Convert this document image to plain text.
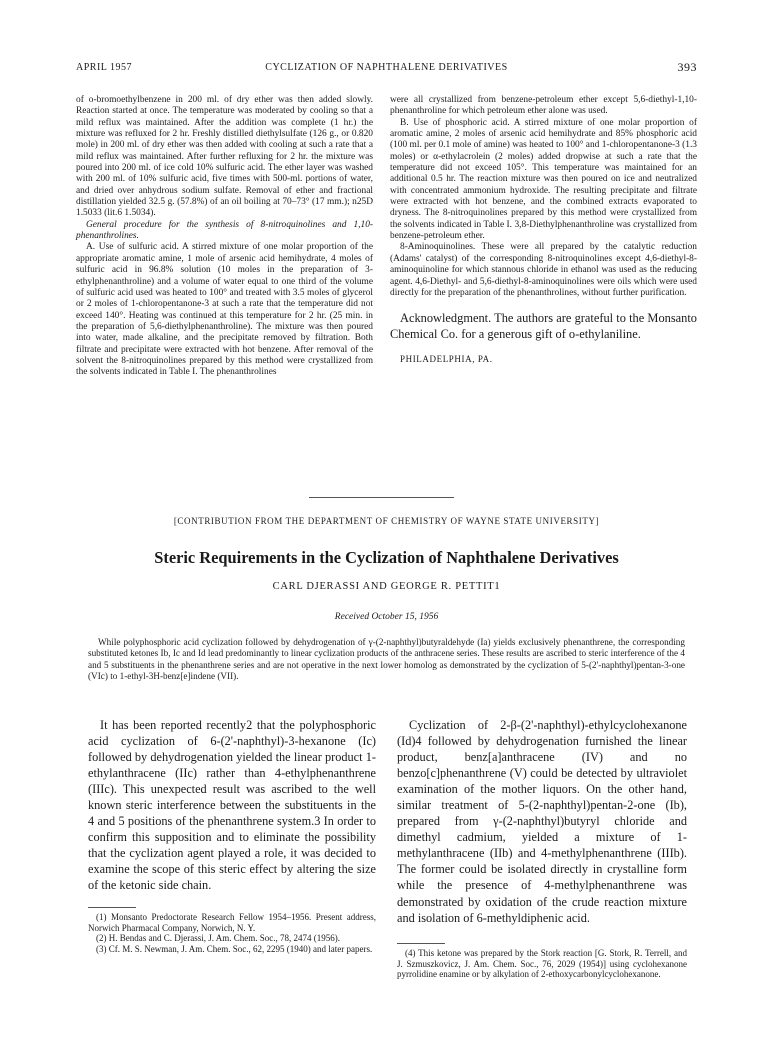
APRIL 1957	CYCLIZATION OF NAPHTHALENE DERIVATIVES	393

of o-bromoethylbenzene in 200 ml. of dry ether was then added slowly. Reaction started at once. The temperature was moderated by cooling so that a mild reflux was maintained. After the addition was complete (1 hr.) the mixture was refluxed for 2 hr. Freshly distilled diethylsulfate (126 g., or 0.820 mole) in 200 ml. of dry ether was then added with cooling at such a rate that a mild reflux was maintained. After further refluxing for 2 hr. the mixture was poured into 200 ml. of ice cold 10% sulfuric acid. The ether layer was washed with 200 ml. of 10% sulfuric acid, five times with 500-ml. portions of water, and dried over anhydrous sodium sulfate. Removal of ether and fractional distillation yielded 32.5 g. (57.8%) of an oil boiling at 70–73° (17 mm.); n25D 1.5033 (lit.6 1.5034).

General procedure for the synthesis of 8-nitroquinolines and 1,10-phenanthrolines.

A. Use of sulfuric acid. A stirred mixture of one molar proportion of the appropriate aromatic amine, 1 mole of arsenic acid hemihydrate, 4 moles of sulfuric acid in 96.8% solution (10 moles in the preparation of 3-ethylphenanthroline) and a volume of water equal to one third of the volume of sulfuric acid used was heated to 100° and treated with 3.5 moles of glycerol or 2 moles of 1-chloropentanone-3 at such a rate that the temperature did not exceed 140°. Heating was continued at this temperature for 2 hr. (25 min. in the preparation of 5,6-diethylphenanthroline). The mixture was then poured into water, made alkaline, and the precipitate removed by filtration. Both filtrate and precipitate were extracted with hot benzene. After removal of the solvent the 8-nitroquinolines prepared by this method were crystallized from the solvents indicated in Table I. The phenanthrolines

were all crystallized from benzene-petroleum ether except 5,6-diethyl-1,10-phenanthroline for which petroleum ether alone was used.

B. Use of phosphoric acid. A stirred mixture of one molar proportion of aromatic amine, 2 moles of arsenic acid hemihydrate and 85% phosphoric acid (100 ml. per 0.1 mole of amine) was heated to 100° and 1-chloropentanone-3 (1.3 moles) or α-ethylacrolein (2 moles) added dropwise at such a rate that the temperature did not exceed 105°. This temperature was maintained for an additional 0.5 hr. The reaction mixture was then poured on ice and neutralized with concentrated ammonium hydroxide. The resulting precipitate and filtrate were extracted with hot benzene, and the combined extracts evaporated to dryness. The 8-nitroquinolines prepared by this method were crystallized from the solvents indicated in Table I. 3,8-Diethylphenanthroline was crystallized from benzene-petroleum ether.

8-Aminoquinolines. These were all prepared by the catalytic reduction (Adams' catalyst) of the corresponding 8-nitroquinolines except 4,6-diethyl-8-aminoquinoline for which stannous chloride in ethanol was used as the reducing agent. 4,6-Diethyl- and 5,6-diethyl-8-aminoquinolines were oils which were used directly for the preparation of the phenanthrolines, without further purification.

Acknowledgment. The authors are grateful to the Monsanto Chemical Co. for a generous gift of o-ethylaniline.

PHILADELPHIA, PA.

[CONTRIBUTION FROM THE DEPARTMENT OF CHEMISTRY OF WAYNE STATE UNIVERSITY]
Steric Requirements in the Cyclization of Naphthalene Derivatives
CARL DJERASSI AND GEORGE R. PETTIT1
Received October 15, 1956

While polyphosphoric acid cyclization followed by dehydrogenation of γ-(2-naphthyl)butyraldehyde (Ia) yields exclusively phenanthrene, the corresponding substituted ketones Ib, Ic and Id lead predominantly to linear cyclization products of the anthracene series. These results are ascribed to steric interference of the 4 and 5 substituents in the phenanthrene series and are not operative in the next lower homolog as demonstrated by the cyclization of 5-(2'-naphthyl)pentan-3-one (VIc) to 1-ethyl-3H-benz[e]indene (VII).

It has been reported recently2 that the polyphosphoric acid cyclization of 6-(2'-naphthyl)-3-hexanone (Ic) followed by dehydrogenation yielded the linear product 1-ethylanthracene (IIc) rather than 4-ethylphenanthrene (IIIc). This unexpected result was ascribed to the well known steric interference between the substituents in the 4 and 5 positions of the phenanthrene system.3 In order to confirm this supposition and to eliminate the possibility that the cyclization agent played a role, it was decided to examine the scope of this steric effect by altering the size of the ketonic side chain.

Cyclization of 2-β-(2'-naphthyl)-ethylcyclohexanone (Id)4 followed by dehydrogenation furnished the linear product, benz[a]anthracene (IV) and no benzo[c]phenanthrene (V) could be detected by ultraviolet examination of the mother liquors. On the other hand, similar treatment of 5-(2-naphthyl)pentan-2-one (Ib), prepared from γ-(2-naphthyl)butyryl chloride and dimethyl cadmium, yielded a mixture of 1-methylanthracene (IIb) and 4-methylphenanthrene (IIIb). The former could be isolated directly in crystalline form while the presence of 4-methylphenanthrene was demonstrated by oxidation of the crude reaction mixture and isolation of 6-methyldiphenic acid.

(1) Monsanto Predoctorate Research Fellow 1954–1956. Present address, Norwich Pharmacal Company, Norwich, N. Y.

(2) H. Bendas and C. Djerassi, J. Am. Chem. Soc., 78, 2474 (1956).

(3) Cf. M. S. Newman, J. Am. Chem. Soc., 62, 2295 (1940) and later papers.	(4) This ketone was prepared by the Stork reaction [G. Stork, R. Terrell, and J. Szmuszkovicz, J. Am. Chem. Soc., 76, 2029 (1954)] using cyclohexanone pyrrolidine enamine or by alkylation of 2-ethoxycarbonylcyclohexanone.
